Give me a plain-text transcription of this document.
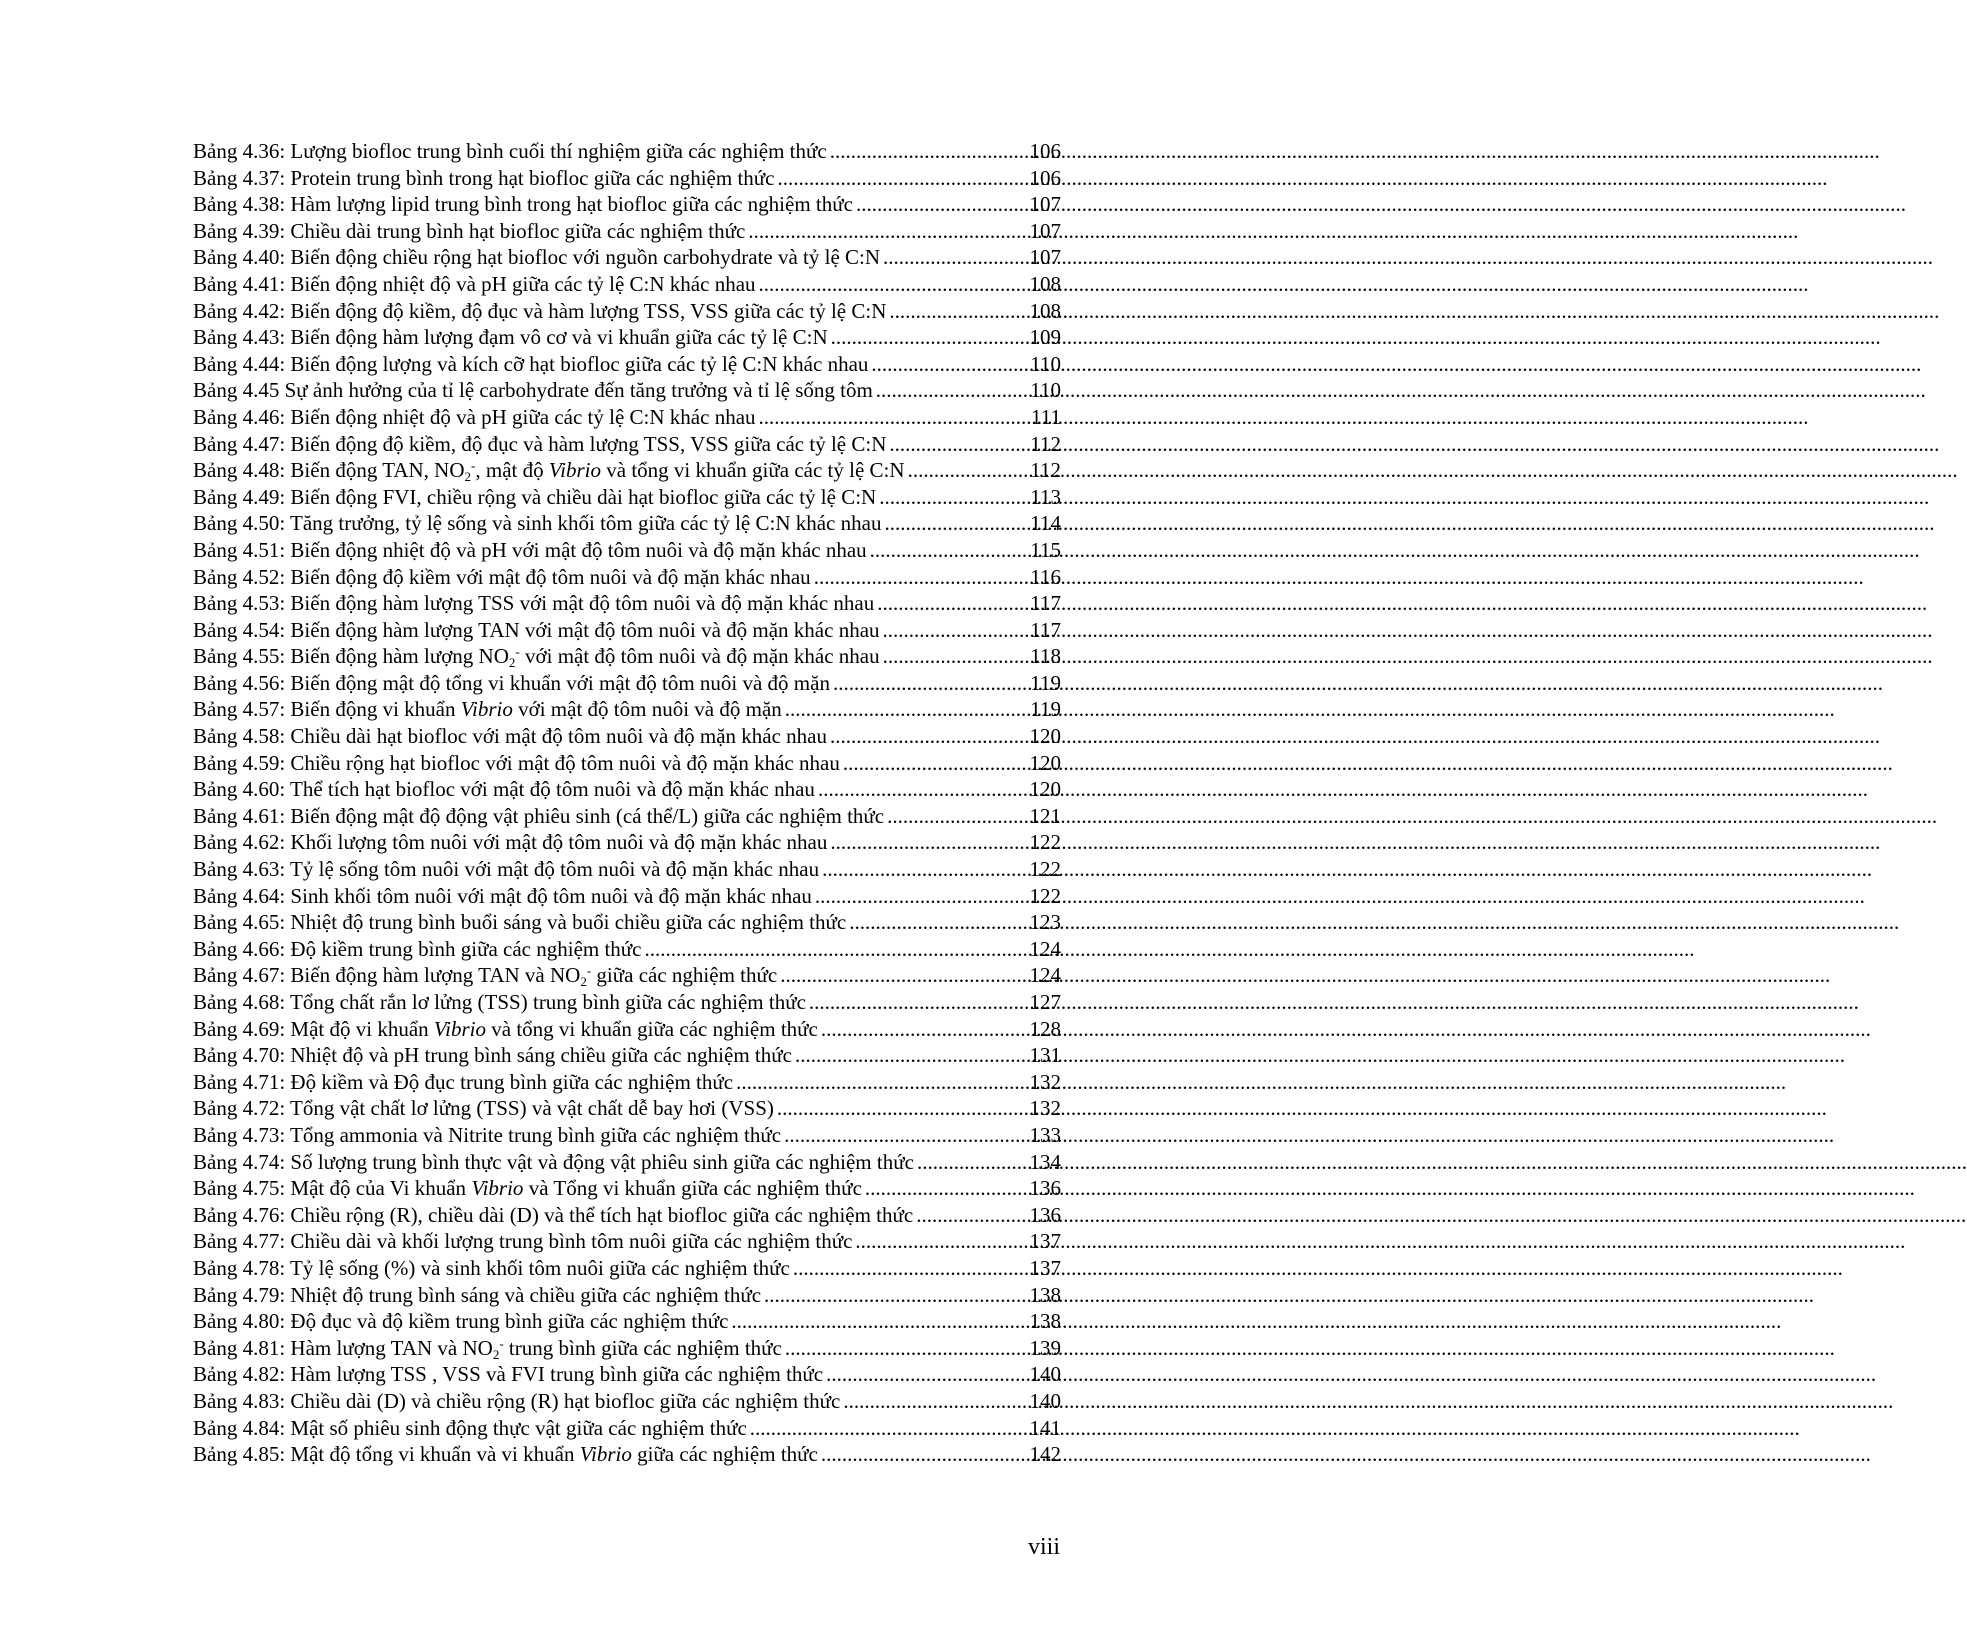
Bảng 4.36: Lượng biofloc trung bình cuối thí nghiệm giữa các nghiệm thức .....	106
Bảng 4.37: Protein trung bình trong hạt biofloc giữa các nghiệm thức .....	106
Bảng 4.38: Hàm lượng lipid trung bình trong hạt biofloc giữa các nghiệm thức .....	107
Bảng 4.39: Chiều dài trung bình hạt biofloc giữa các nghiệm thức .....	107
Bảng 4.40: Biến động chiều rộng hạt biofloc với nguồn carbohydrate và tỷ lệ C:N .....	107
Bảng 4.41: Biến động nhiệt độ và pH giữa các tỷ lệ C:N khác nhau .....	108
Bảng 4.42: Biến động độ kiềm, độ đục và hàm lượng TSS, VSS giữa các tỷ lệ C:N .....	108
Bảng 4.43: Biến động hàm lượng đạm vô cơ và vi khuẩn giữa các tỷ lệ C:N .....	109
Bảng 4.44: Biến động lượng và kích cỡ hạt biofloc giữa các tỷ lệ C:N khác nhau .....	110
Bảng 4.45 Sự ảnh hưởng của tỉ lệ carbohydrate đến tăng trưởng và tỉ lệ sống tôm .....	110
Bảng 4.46: Biến động nhiệt độ và pH giữa các tỷ lệ C:N khác nhau .....	111
Bảng 4.47: Biến động độ kiềm, độ đục và hàm lượng TSS, VSS giữa các tỷ lệ C:N .....	112
Bảng 4.48: Biến động TAN, $NO_2^-$, mật độ Vibrio và tổng vi khuẩn giữa các tỷ lệ C:N .....	112
Bảng 4.49: Biến động FVI, chiều rộng và chiều dài hạt biofloc giữa các tỷ lệ C:N .....	113
Bảng 4.50: Tăng trưởng, tỷ lệ sống và sinh khối tôm giữa các tỷ lệ C:N khác nhau .....	114
Bảng 4.51: Biến động nhiệt độ và pH với mật độ tôm nuôi và độ mặn khác nhau .....	115
Bảng 4.52: Biến động độ kiềm với mật độ tôm nuôi và độ mặn khác nhau .....	116
Bảng 4.53: Biến động hàm lượng TSS với mật độ tôm nuôi và độ mặn khác nhau .....	117
Bảng 4.54: Biến động hàm lượng TAN với mật độ tôm nuôi và độ mặn khác nhau .....	117
Bảng 4.55: Biến động hàm lượng $NO_2^-$ với mật độ tôm nuôi và độ mặn khác nhau .....	118
Bảng 4.56: Biến động mật độ tổng vi khuẩn với mật độ tôm nuôi và độ mặn .....	119
Bảng 4.57: Biến động vi khuẩn Vibrio với mật độ tôm nuôi và độ mặn .....	119
Bảng 4.58: Chiều dài hạt biofloc với mật độ tôm nuôi và độ mặn khác nhau .....	120
Bảng 4.59: Chiều rộng hạt biofloc với mật độ tôm nuôi và độ mặn khác nhau .....	120
Bảng 4.60: Thể tích hạt biofloc với mật độ tôm nuôi và độ mặn khác nhau .....	120
Bảng 4.61: Biến động mật độ động vật phiêu sinh (cá thể/L) giữa các nghiệm thức .....	121
Bảng 4.62: Khối lượng tôm nuôi với mật độ tôm nuôi và độ mặn khác nhau .....	122
Bảng 4.63: Tỷ lệ sống tôm nuôi với mật độ tôm nuôi và độ mặn khác nhau .....	122
Bảng 4.64: Sinh khối tôm nuôi với mật độ tôm nuôi và độ mặn khác nhau .....	122
Bảng 4.65: Nhiệt độ trung bình buổi sáng và buổi chiều giữa các nghiệm thức .....	123
Bảng 4.66: Độ kiềm trung bình giữa các nghiệm thức .....	124
Bảng 4.67: Biến động hàm lượng TAN và $NO_2^-$ giữa các nghiệm thức .....	124
Bảng 4.68: Tổng chất rắn lơ lửng (TSS) trung bình giữa các nghiệm thức .....	127
Bảng 4.69: Mật độ vi khuẩn Vibrio và tổng vi khuẩn giữa các nghiệm thức .....	128
Bảng 4.70: Nhiệt độ và pH trung bình sáng chiều giữa các nghiệm thức .....	131
Bảng 4.71: Độ kiềm và Độ đục trung bình giữa các nghiệm thức .....	132
Bảng 4.72: Tổng vật chất lơ lửng (TSS) và vật chất dễ bay hơi (VSS) .....	132
Bảng 4.73: Tổng ammonia và Nitrite trung bình giữa các nghiệm thức .....	133
Bảng 4.74: Số lượng trung bình thực vật và động vật phiêu sinh giữa các nghiệm thức .....	134
Bảng 4.75: Mật độ của Vi khuẩn Vibrio và Tổng vi khuẩn giữa các nghiệm thức .....	136
Bảng 4.76: Chiều rộng (R), chiều dài (D) và thể tích hạt biofloc giữa các nghiệm thức .....	136
Bảng 4.77: Chiều dài và khối lượng trung bình tôm nuôi giữa các nghiệm thức .....	137
Bảng 4.78: Tỷ lệ sống (%) và sinh khối tôm nuôi giữa các nghiệm thức .....	137
Bảng 4.79: Nhiệt độ trung bình sáng và chiều giữa các nghiệm thức .....	138
Bảng 4.80: Độ đục và độ kiềm trung bình giữa các nghiệm thức .....	138
Bảng 4.81: Hàm lượng TAN và $NO_2^-$ trung bình giữa các nghiệm thức .....	139
Bảng 4.82: Hàm lượng TSS , VSS và FVI trung bình giữa các nghiệm thức .....	140
Bảng 4.83: Chiều dài (D) và chiều rộng (R) hạt biofloc giữa các nghiệm thức .....	140
Bảng 4.84: Mật số phiêu sinh động thực vật giữa các nghiệm thức .....	141
Bảng 4.85: Mật độ tổng vi khuẩn và vi khuẩn Vibrio giữa các nghiệm thức .....	142
viii
